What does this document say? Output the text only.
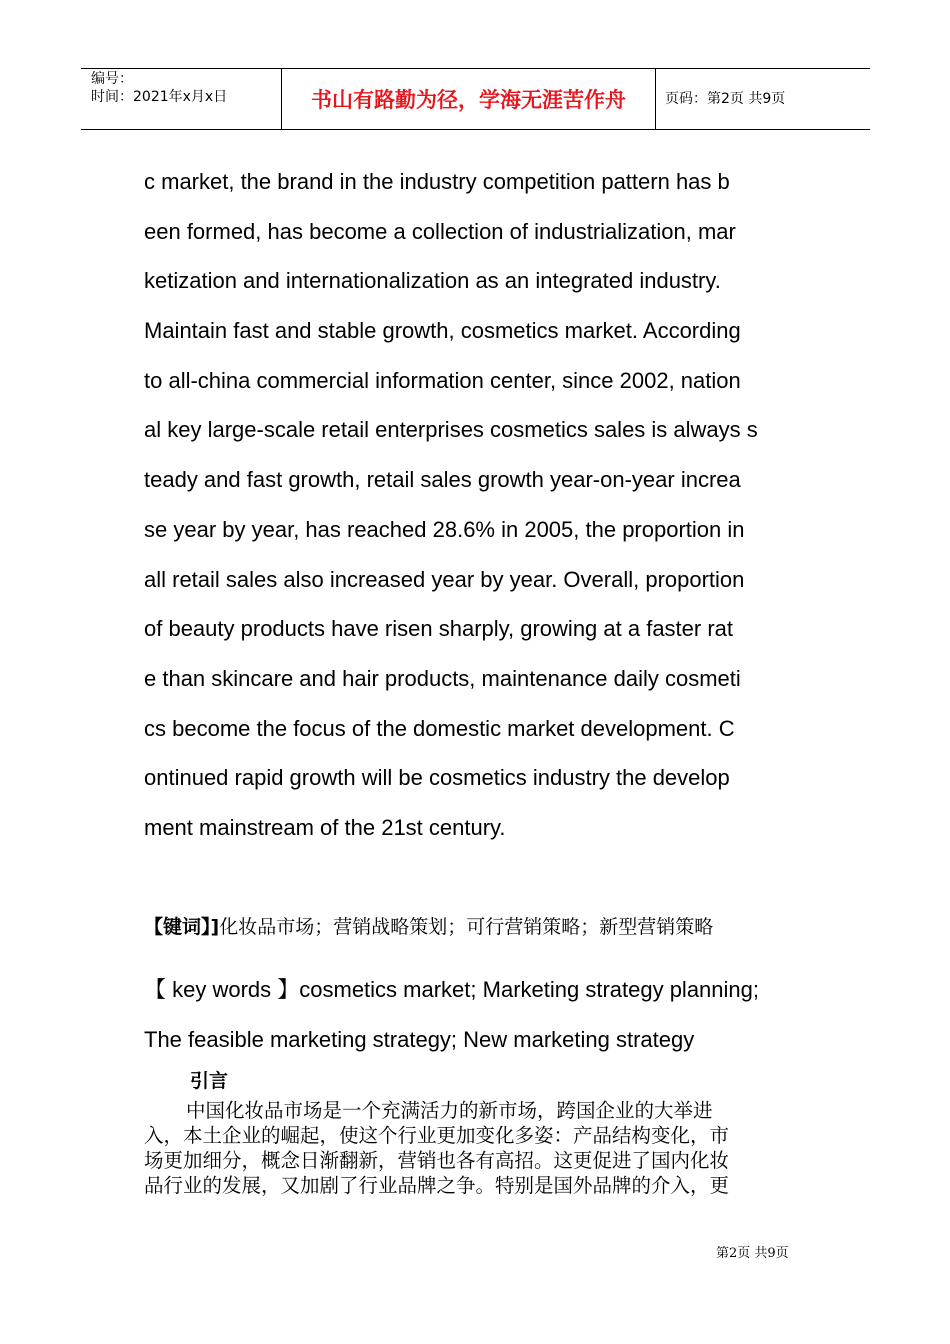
编号：
时间：2021年x月x日	书山有路勤为径，学海无涯苦作舟	页码：第2页 共9页
c market, the brand in the industry competition pattern has b
een formed, has become a collection of industrialization, mar
ketization and internationalization as an integrated industry.
Maintain fast and stable growth, cosmetics market. According
to all-china commercial information center, since 2002, nation
al key large-scale retail enterprises cosmetics sales is always s
teady and fast growth, retail sales growth year-on-year increa
se year by year, has reached 28.6% in 2005, the proportion in
all retail sales also increased year by year. Overall, proportion
of beauty products have risen sharply, growing at a faster rat
e than skincare and hair products, maintenance daily cosmeti
cs become the focus of the domestic market development. C
ontinued rapid growth will be cosmetics industry the develop
ment mainstream of the 21st century.
【键词】]化妆品市场；营销战略策划；可行营销策略；新型营销策略
【 key words 】cosmetics market; Marketing strategy planning;
The feasible marketing strategy; New marketing strategy
引言
中国化妆品市场是一个充满活力的新市场，跨国企业的大举进
入，本土企业的崛起，使这个行业更加变化多姿：产品结构变化，市
场更加细分，概念日渐翻新，营销也各有高招。这更促进了国内化妆
品行业的发展，又加剧了行业品牌之争。特别是国外品牌的介入，更
第2页 共9页
